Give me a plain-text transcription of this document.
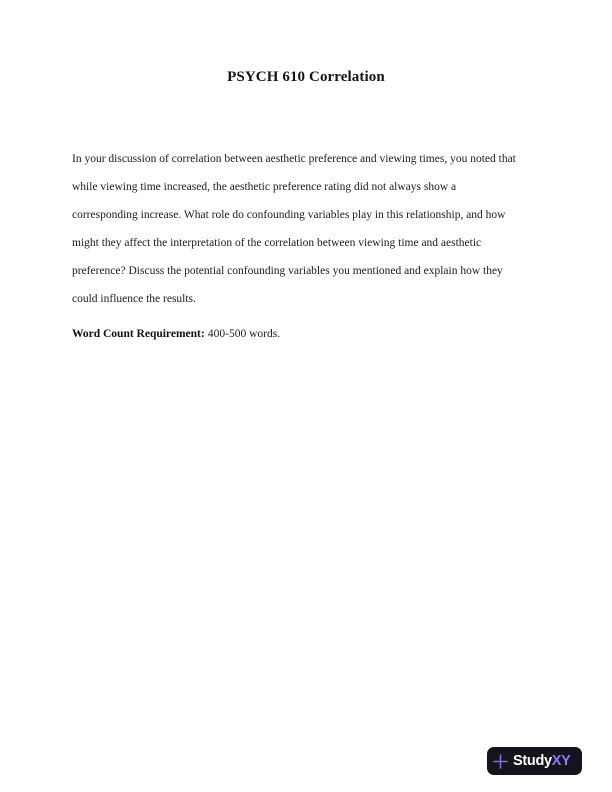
PSYCH 610 Correlation
In your discussion of correlation between aesthetic preference and viewing times, you noted that
while viewing time increased, the aesthetic preference rating did not always show a
corresponding increase. What role do confounding variables play in this relationship, and how
might they affect the interpretation of the correlation between viewing time and aesthetic
preference? Discuss the potential confounding variables you mentioned and explain how they
could influence the results.

Word Count Requirement: 400-500 words.

StudyXY
